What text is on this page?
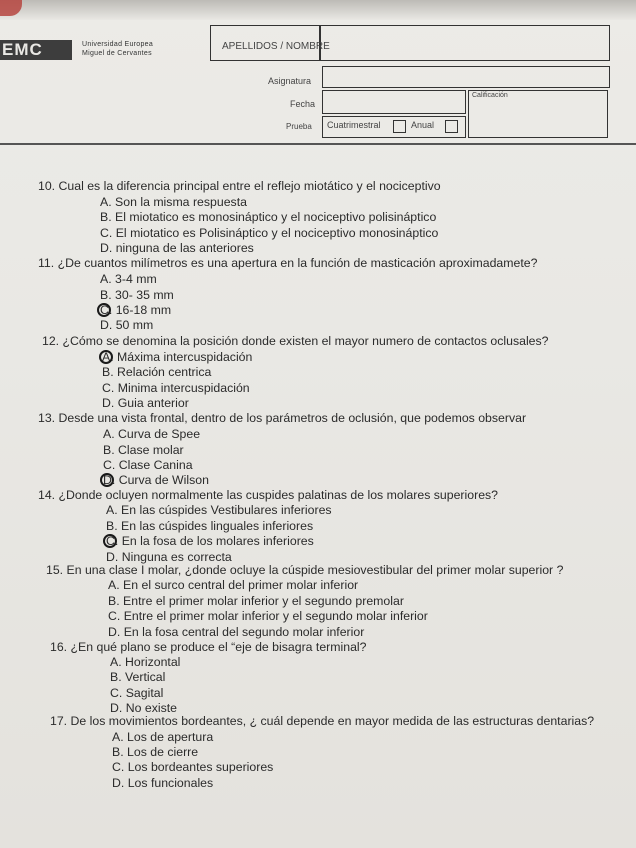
EMC	Universidad Europea
Miguel de Cervantes
APELLIDOS / NOMBRE
Asignatura
Fecha
Calificación
Prueba Cuatrimestral	Anual
10. Cual es la diferencia principal entre el reflejo miotático y el nociceptivo
A. Son la misma respuesta
B. El miotatico es monosináptico y el nociceptivo polisináptico
C. El miotatico es Polisináptico y el nociceptivo monosináptico
D. ninguna de las anteriores
11. ¿De cuantos milímetros es una apertura en la función de masticación aproximadamete?
A. 3-4 mm
B. 30- 35 mm
C. 16-18 mm
D. 50 mm
12. ¿Cómo se denomina la posición donde existen el mayor numero de contactos oclusales?
A. Máxima intercuspidación
B. Relación centrica
C. Minima intercuspidación
D. Guia anterior
13. Desde una vista frontal, dentro de los parámetros de oclusión, que podemos observar
A. Curva de Spee
B. Clase molar
C. Clase Canina
D. Curva de Wilson
14. ¿Donde ocluyen normalmente las cuspides palatinas de los molares superiores?
A. En las cúspides Vestibulares inferiores
B. En las cúspides linguales inferiores
C. En la fosa de los molares inferiores
D. Ninguna es correcta
15. En una clase I molar, ¿donde ocluye la cúspide mesiovestibular del primer molar superior ?
A. En el surco central del primer molar inferior
B. Entre el primer molar inferior y el segundo premolar
C. Entre el primer molar inferior y el segundo molar inferior
D. En la fosa central del segundo molar inferior
16. ¿En qué plano se produce el “eje de bisagra terminal?
A. Horizontal
B. Vertical
C. Sagital
D. No existe
17. De los movimientos bordeantes, ¿ cuál depende en mayor medida de las estructuras dentarias?
A. Los de apertura
B. Los de cierre
C. Los bordeantes superiores
D. Los funcionales
